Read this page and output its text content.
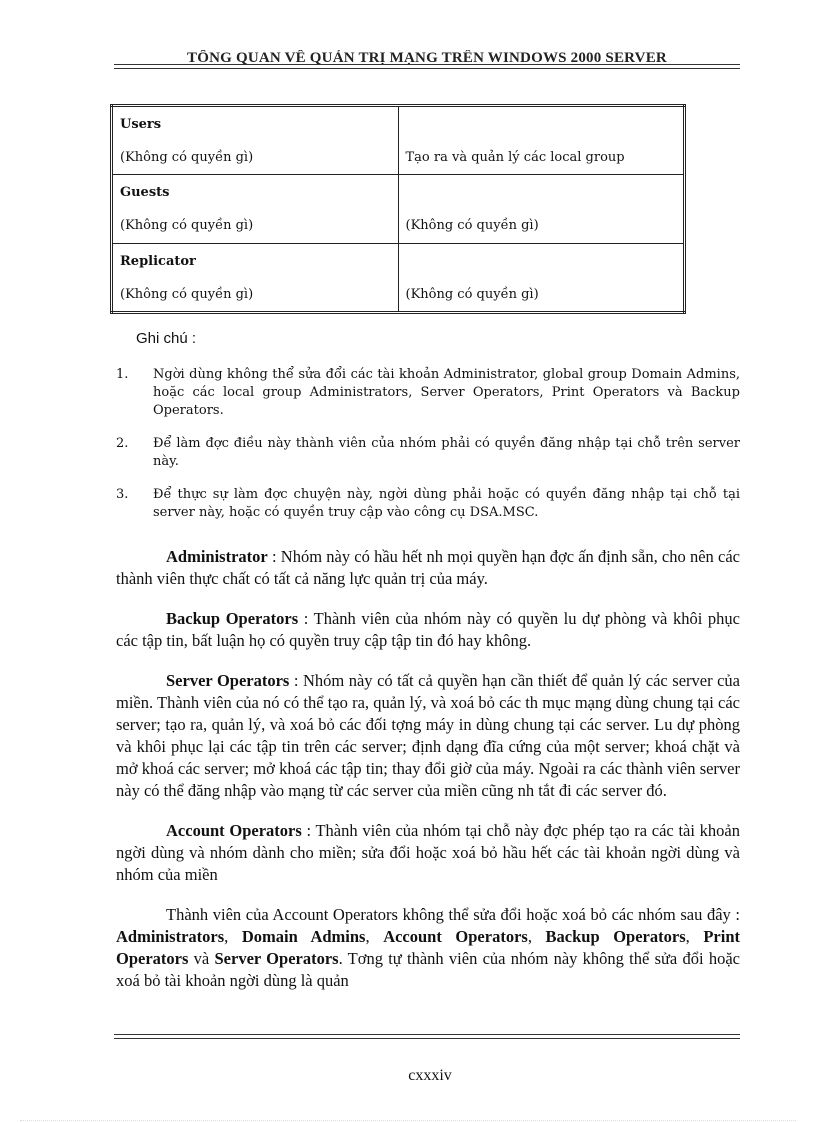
TỔNG QUAN VỀ QUẢN TRỊ MẠNG TRÊN WINDOWS 2000 SERVER
Users
(Không có quyền gì)	Tạo ra và quản lý các local group

Guests
(Không có quyền gì)	(Không có quyền gì)

Replicator
(Không có quyền gì)	(Không có quyền gì)
Ghi chú :
1. Ngời dùng không thể sửa đổi các tài khoản Administrator, global group Domain Admins, hoặc các local group Administrators, Server Operators, Print Operators và Backup Operators.
2. Để làm đợc điều này thành viên của nhóm phải có quyền đăng nhập tại chỗ trên server này.
3. Để thực sự làm đợc chuyện này, ngời dùng phải hoặc có quyền đăng nhập tại chỗ tại server này, hoặc có quyền truy cập vào công cụ DSA.MSC.

Administrator : Nhóm này có hầu hết nh mọi quyền hạn đợc ấn định sẵn, cho nên các thành viên thực chất có tất cả năng lực quản trị của máy.

Backup Operators : Thành viên của nhóm này có quyền lu dự phòng và khôi phục các tập tin, bất luận họ có quyền truy cập tập tin đó hay không.

Server Operators : Nhóm này có tất cả quyền hạn cần thiết để quản lý các server của miền. Thành viên của nó có thể tạo ra, quản lý, và xoá bỏ các th mục mạng dùng chung tại các server; tạo ra, quản lý, và xoá bỏ các đối tợng máy in dùng chung tại các server. Lu dự phòng và khôi phục lại các tập tin trên các server; định dạng đĩa cứng của một server; khoá chặt và mở khoá các server; mở khoá các tập tin; thay đổi giờ của máy. Ngoài ra các thành viên server này có thể đăng nhập vào mạng từ các server của miền cũng nh tắt đi các server đó.

Account Operators : Thành viên của nhóm tại chỗ này đợc phép tạo ra các tài khoản ngời dùng và nhóm dành cho miền; sửa đổi hoặc xoá bỏ hầu hết các tài khoản ngời dùng và nhóm của miền

Thành viên của Account Operators không thể sửa đổi hoặc xoá bỏ các nhóm sau đây : Administrators, Domain Admins, Account Operators, Backup Operators, Print Operators và Server Operators. Tơng tự thành viên của nhóm này không thể sửa đổi hoặc xoá bỏ tài khoản ngời dùng là quản

cxxxiv
